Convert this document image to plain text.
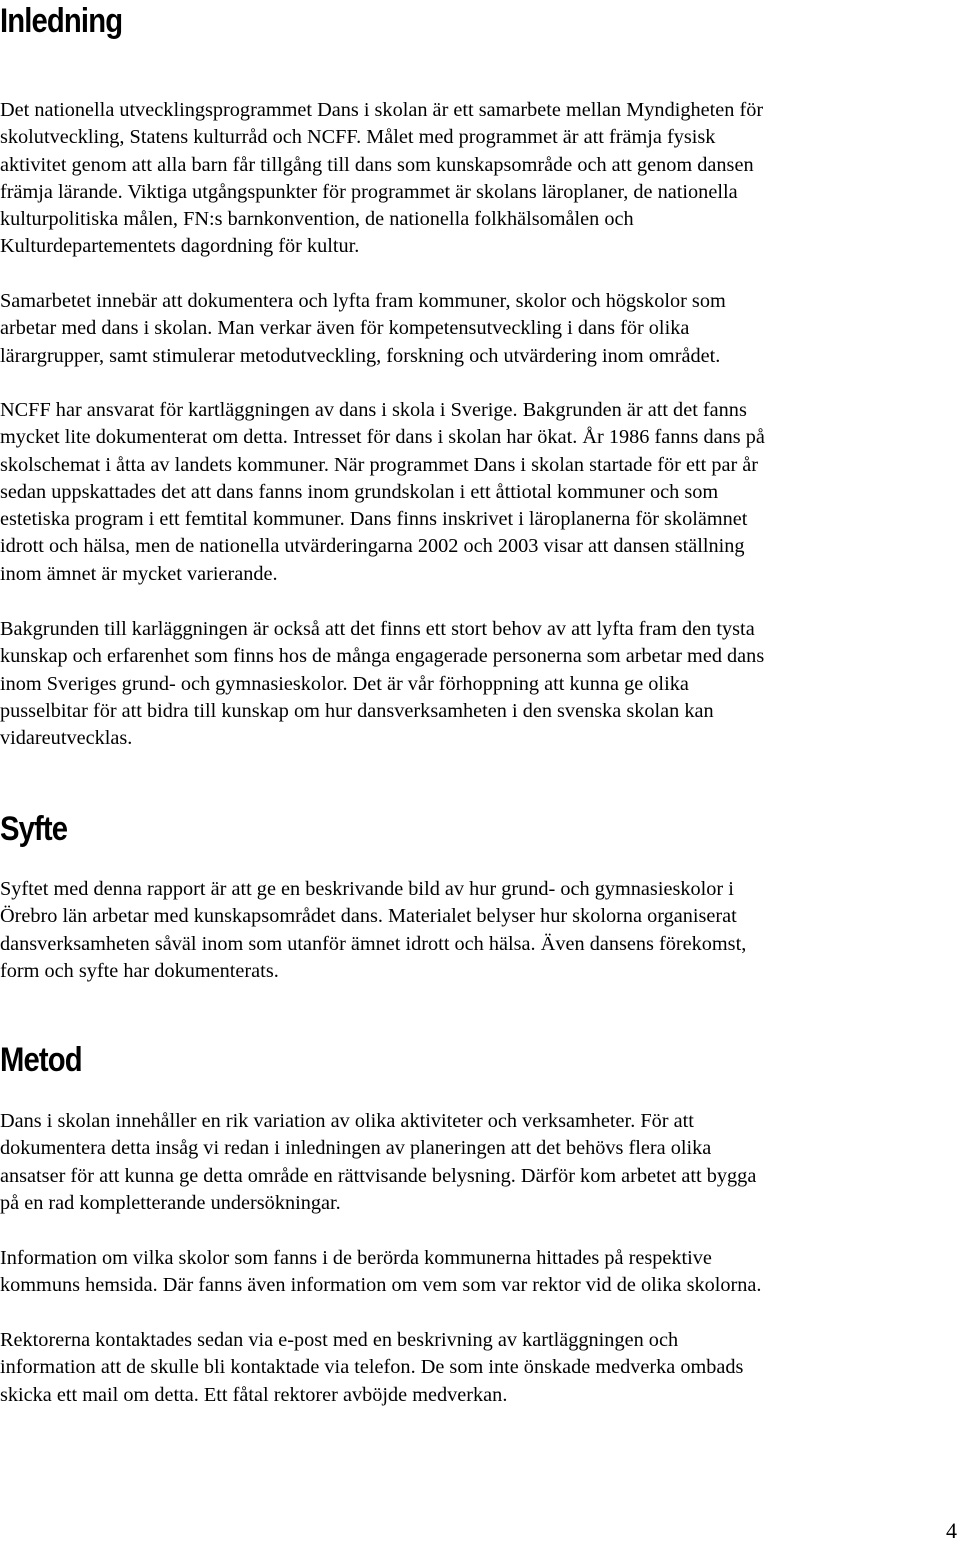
Inledning

Det nationella utvecklingsprogrammet Dans i skolan är ett samarbete mellan Myndigheten för
skolutveckling, Statens kulturråd och NCFF. Målet med programmet är att främja fysisk
aktivitet genom att alla barn får tillgång till dans som kunskapsområde och att genom dansen
främja lärande. Viktiga utgångspunkter för programmet är skolans läroplaner, de nationella
kulturpolitiska målen, FN:s barnkonvention, de nationella folkhälsomålen och
Kulturdepartementets dagordning för kultur.

Samarbetet innebär att dokumentera och lyfta fram kommuner, skolor och högskolor som
arbetar med dans i skolan. Man verkar även för kompetensutveckling i dans för olika
lärargrupper, samt stimulerar metodutveckling, forskning och utvärdering inom området.

NCFF har ansvarat för kartläggningen av dans i skola i Sverige. Bakgrunden är att det fanns
mycket lite dokumenterat om detta. Intresset för dans i skolan har ökat. År 1986 fanns dans på
skolschemat i åtta av landets kommuner. När programmet Dans i skolan startade för ett par år
sedan uppskattades det att dans fanns inom grundskolan i ett åttiotal kommuner och som
estetiska program i ett femtital kommuner. Dans finns inskrivet i läroplanerna för skolämnet
idrott och hälsa, men de nationella utvärderingarna 2002 och 2003 visar att dansen ställning
inom ämnet är mycket varierande.

Bakgrunden till karläggningen är också att det finns ett stort behov av att lyfta fram den tysta
kunskap och erfarenhet som finns hos de många engagerade personerna som arbetar med dans
inom Sveriges grund- och gymnasieskolor. Det är vår förhoppning att kunna ge olika
pusselbitar för att bidra till kunskap om hur dansverksamheten i den svenska skolan kan
vidareutvecklas.

Syfte

Syftet med denna rapport är att ge en beskrivande bild av hur grund- och gymnasieskolor i
Örebro län arbetar med kunskapsområdet dans. Materialet belyser hur skolorna organiserat
dansverksamheten såväl inom som utanför ämnet idrott och hälsa. Även dansens förekomst,
form och syfte har dokumenterats.

Metod

Dans i skolan innehåller en rik variation av olika aktiviteter och verksamheter. För att
dokumentera detta insåg vi redan i inledningen av planeringen att det behövs flera olika
ansatser för att kunna ge detta område en rättvisande belysning. Därför kom arbetet att bygga
på en rad kompletterande undersökningar.

Information om vilka skolor som fanns i de berörda kommunerna hittades på respektive
kommuns hemsida. Där fanns även information om vem som var rektor vid de olika skolorna.

Rektorerna kontaktades sedan via e-post med en beskrivning av kartläggningen och
information att de skulle bli kontaktade via telefon. De som inte önskade medverka ombads
skicka ett mail om detta. Ett fåtal rektorer avböjde medverkan.

4
